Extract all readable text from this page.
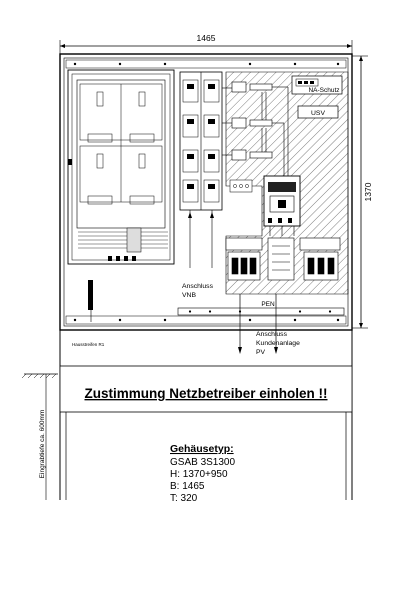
1465
1370
NA-Schutz
USV
PEN
Anschluss
VNB
Anschluss
Kundenanlage
PV
Hausstreifen R1
Eingrabtiefe ca. 600mm
Zustimmung Netzbetreiber einholen !!
Gehäusetyp:
GSAB 3S1300
H: 1370+950
B: 1465
T: 320
